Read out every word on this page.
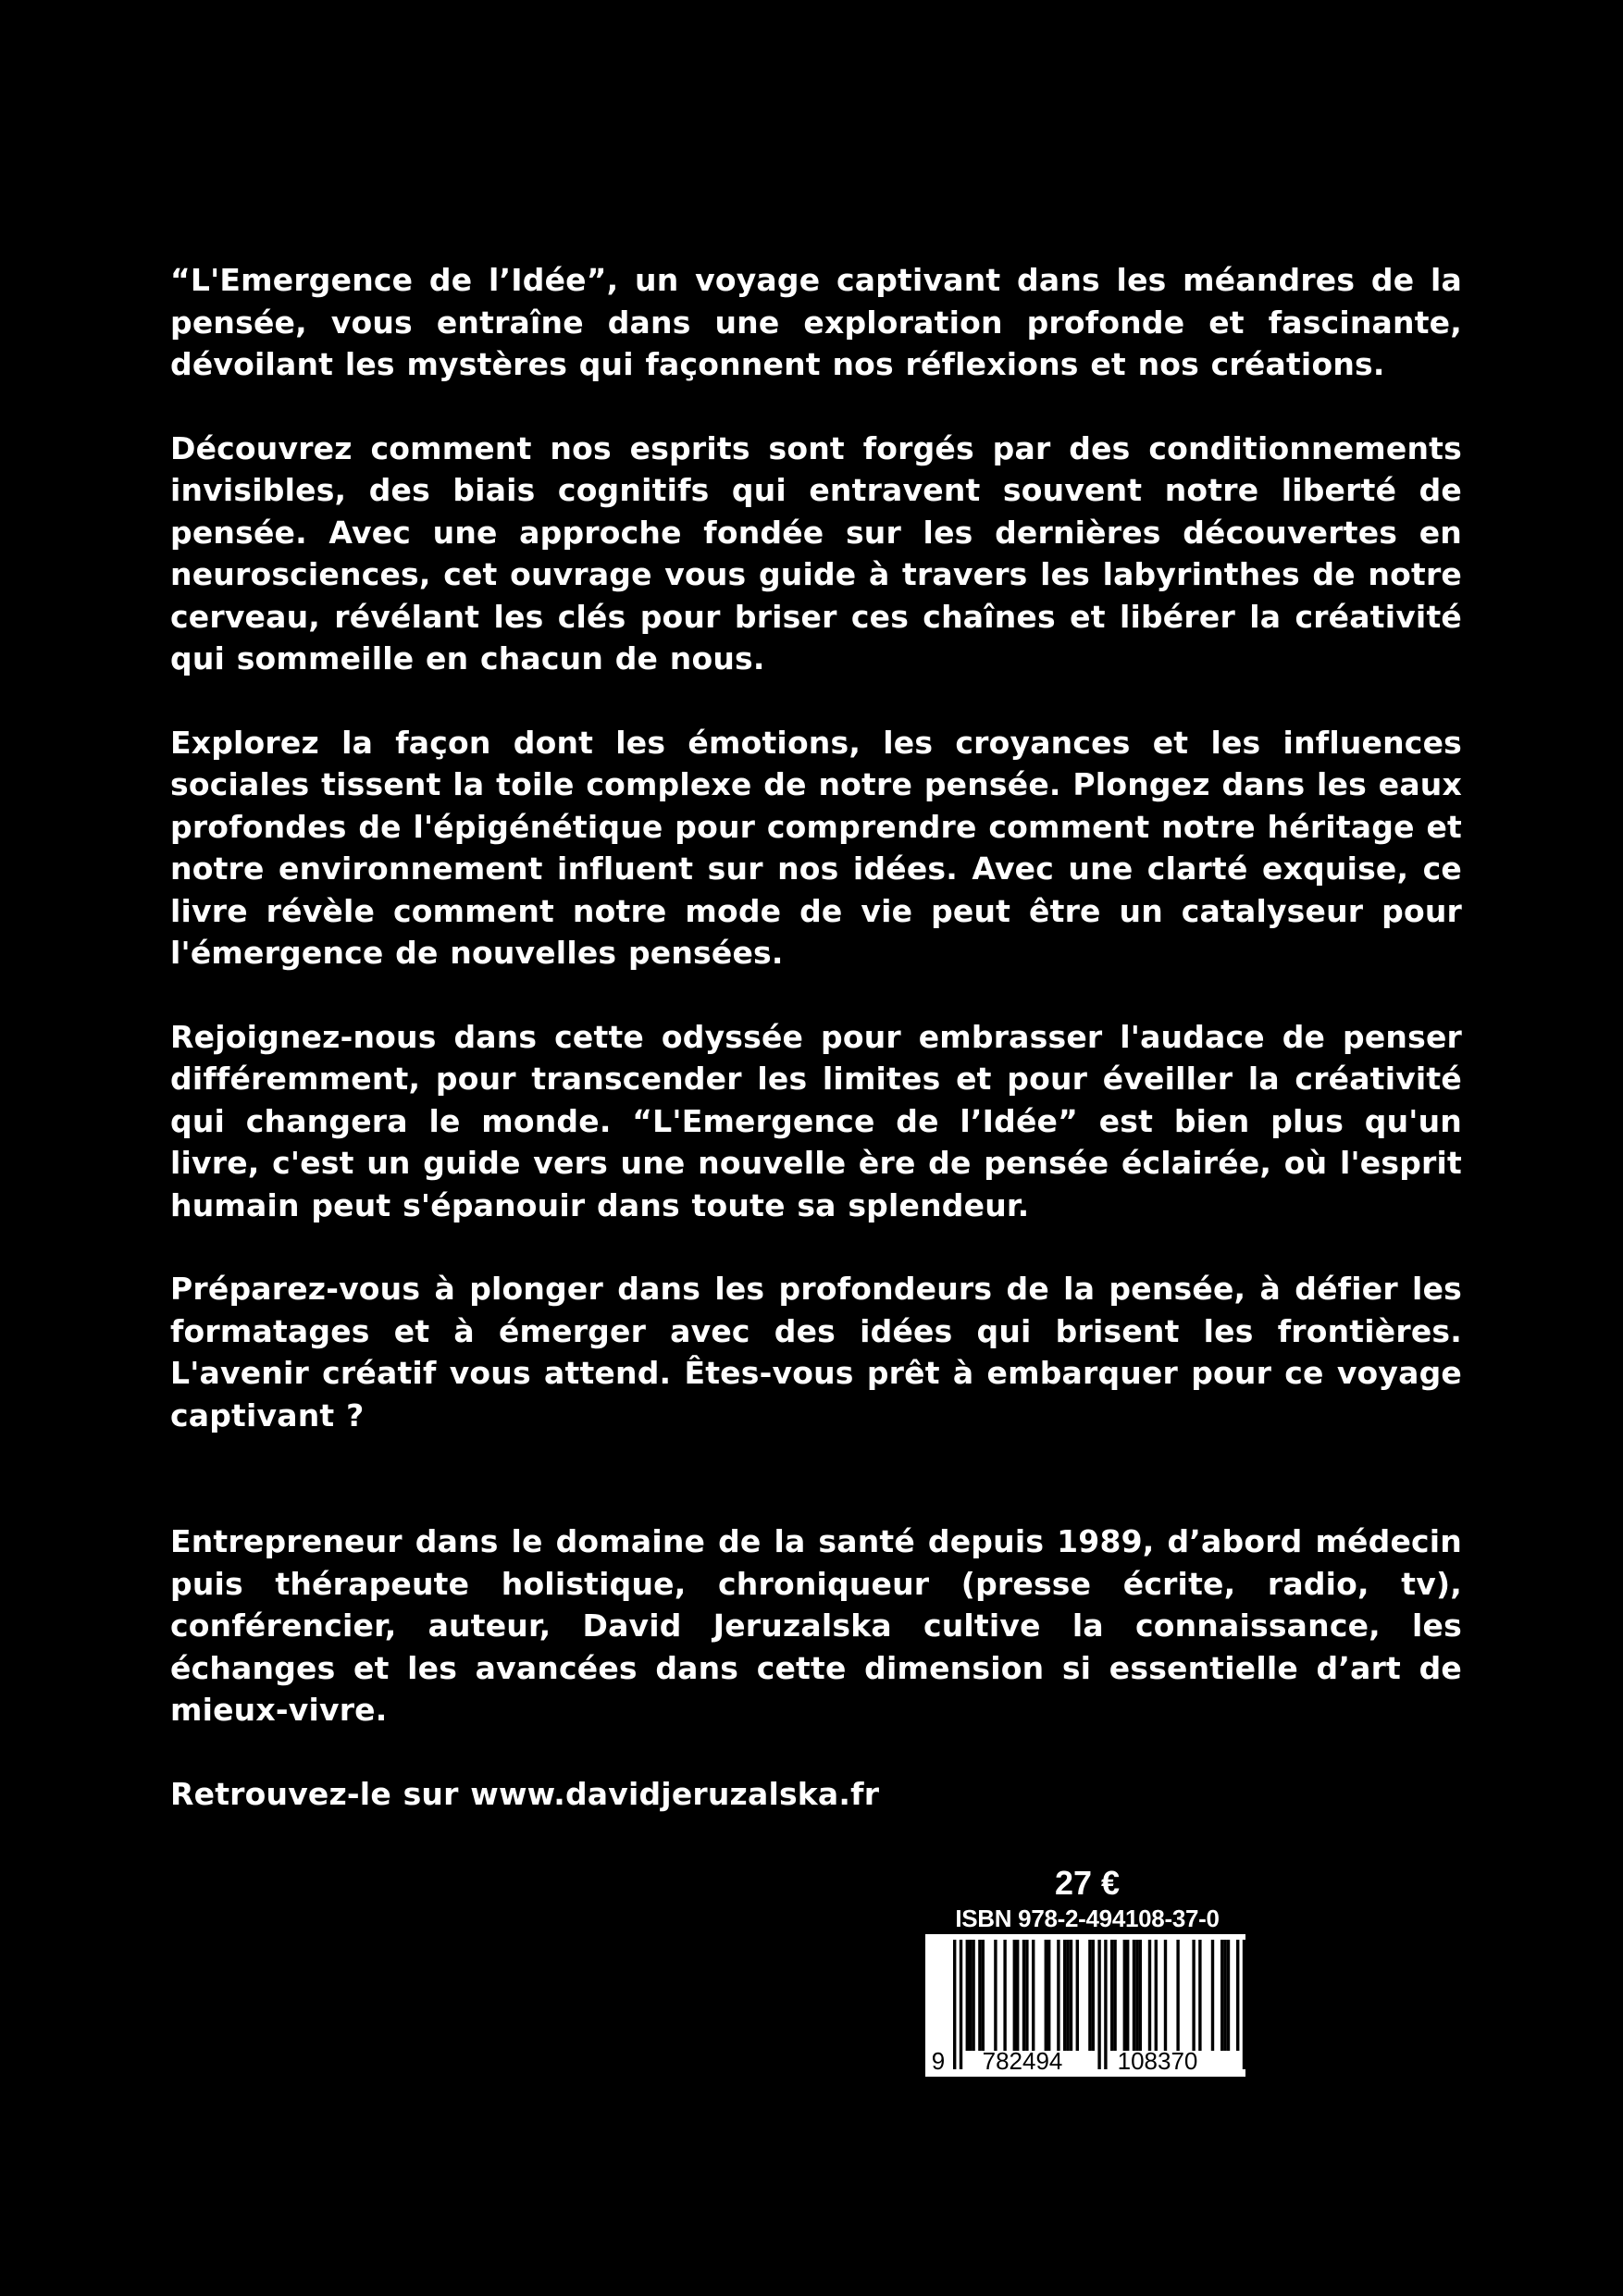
“L'Emergence de l’Idée”, un voyage captivant dans les méandres de la pensée, vous entraîne dans une exploration profonde et fascinante, dévoilant les mystères qui façonnent nos réflexions et nos créations.

Découvrez comment nos esprits sont forgés par des conditionnements invisibles, des biais cognitifs qui entravent souvent notre liberté de pensée. Avec une approche fondée sur les dernières découvertes en neurosciences, cet ouvrage vous guide à travers les labyrinthes de notre cerveau, révélant les clés pour briser ces chaînes et libérer la créativité qui sommeille en chacun de nous.

Explorez la façon dont les émotions, les croyances et les influences sociales tissent la toile complexe de notre pensée. Plongez dans les eaux profondes de l'épigénétique pour comprendre comment notre héritage et notre environnement influent sur nos idées. Avec une clarté exquise, ce livre révèle comment notre mode de vie peut être un catalyseur pour l'émergence de nouvelles pensées.

Rejoignez-nous dans cette odyssée pour embrasser l'audace de penser différemment, pour transcender les limites et pour éveiller la créativité qui changera le monde. “L'Emergence de l’Idée” est bien plus qu'un livre, c'est un guide vers une nouvelle ère de pensée éclairée, où l'esprit humain peut s'épanouir dans toute sa splendeur.

Préparez-vous à plonger dans les profondeurs de la pensée, à défier les formatages et à émerger avec des idées qui brisent les frontières. L'avenir créatif vous attend. Êtes-vous prêt à embarquer pour ce voyage captivant ?

Entrepreneur dans le domaine de la santé depuis 1989, d’abord médecin puis thérapeute holistique, chroniqueur (presse écrite, radio, tv), conférencier, auteur, David Jeruzalska cultive la connaissance, les échanges et les avancées dans cette dimension si essentielle d’art de mieux-vivre.

Retrouvez-le sur www.davidjeruzalska.fr

27 €
ISBN 978-2-494108-37-0
9 782494 108370
